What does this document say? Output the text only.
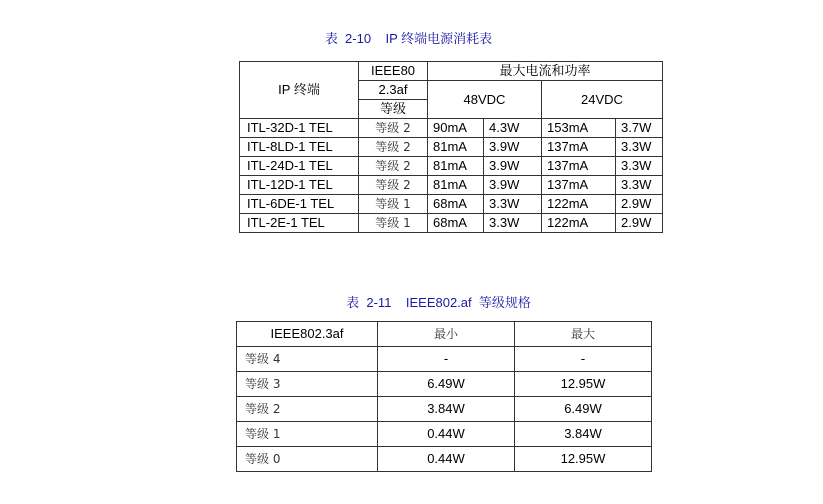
表  2-10    IP 终端电源消耗表
IP 终端	IEEE80	最大电流和功率			
	2.3af	48VDC		24VDC	
	等级				
ITL-32D-1 TEL	等级 2	90mA	4.3W	153mA	3.7W
ITL-8LD-1 TEL	等级 2	81mA	3.9W	137mA	3.3W
ITL-24D-1 TEL	等级 2	81mA	3.9W	137mA	3.3W
ITL-12D-1 TEL	等级 2	81mA	3.9W	137mA	3.3W
ITL-6DE-1 TEL	等级 1	68mA	3.3W	122mA	2.9W
ITL-2E-1 TEL	等级 1	68mA	3.3W	122mA	2.9W
表  2-11    IEEE802.af  等级规格
IEEE802.3af	最小	最大
等级 4	-	-
等级 3	6.49W	12.95W
等级 2	3.84W	6.49W
等级 1	0.44W	3.84W
等级 0	0.44W	12.95W
